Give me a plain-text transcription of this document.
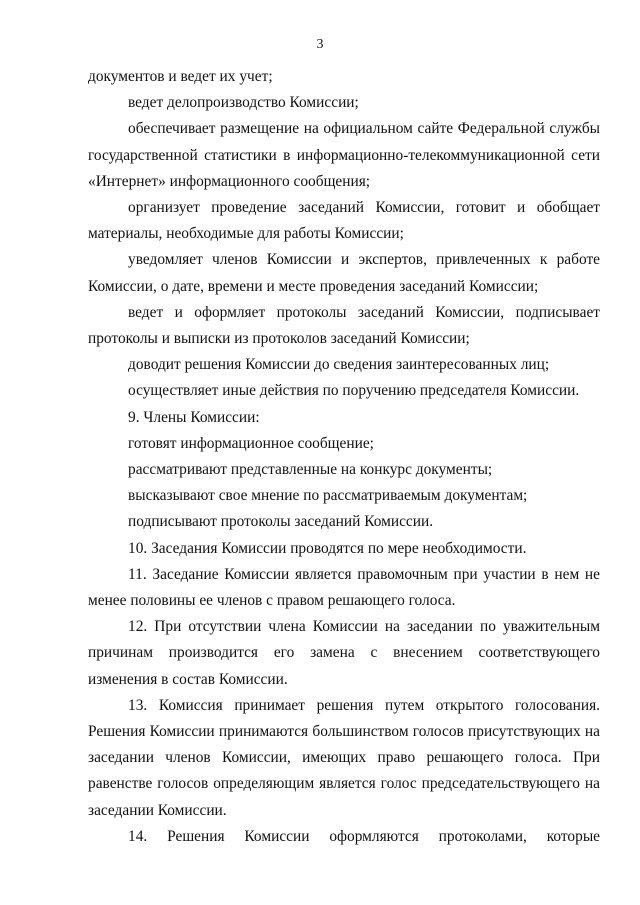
3

документов и ведет их учет;

ведет делопроизводство Комиссии;

обеспечивает размещение на официальном сайте Федеральной службы государственной статистики в информационно-телекоммуникационной сети «Интернет» информационного сообщения;

организует проведение заседаний Комиссии, готовит и обобщает материалы, необходимые для работы Комиссии;

уведомляет членов Комиссии и экспертов, привлеченных к работе Комиссии, о дате, времени и месте проведения заседаний Комиссии;

ведет и оформляет протоколы заседаний Комиссии, подписывает протоколы и выписки из протоколов заседаний Комиссии;

доводит решения Комиссии до сведения заинтересованных лиц;

осуществляет иные действия по поручению председателя Комиссии.

9. Члены Комиссии:

готовят информационное сообщение;

рассматривают представленные на конкурс документы;

высказывают свое мнение по рассматриваемым документам;

подписывают протоколы заседаний Комиссии.

10. Заседания Комиссии проводятся по мере необходимости.

11. Заседание Комиссии является правомочным при участии в нем не менее половины ее членов с правом решающего голоса.

12. При отсутствии члена Комиссии на заседании по уважительным причинам производится его замена с внесением соответствующего изменения в состав Комиссии.

13. Комиссия принимает решения путем открытого голосования. Решения Комиссии принимаются большинством голосов присутствующих на заседании членов Комиссии, имеющих право решающего голоса. При равенстве голосов определяющим является голос председательствующего на заседании Комиссии.

14. Решения Комиссии оформляются протоколами, которые
